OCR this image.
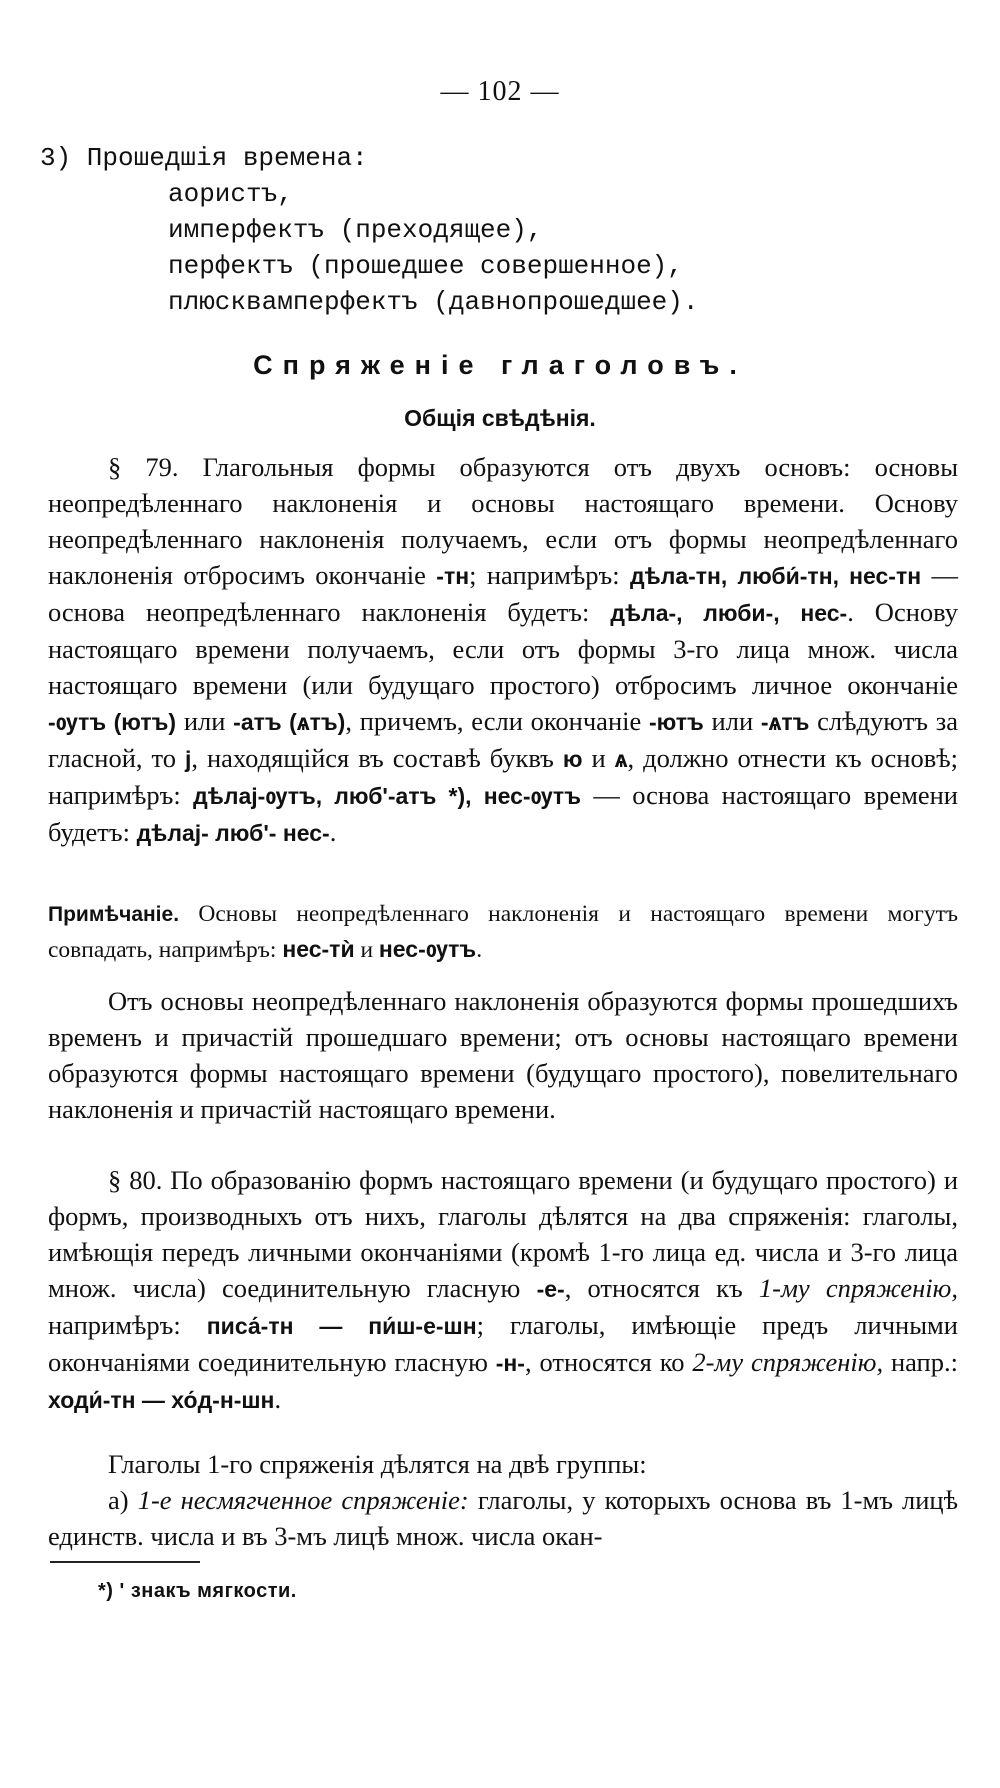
— 102 —
3) Прошедшія времена:
аористъ,
имперфектъ (преходящее),
перфектъ (прошедшее совершенное),
плюсквамперфектъ (давнопрошедшее).
Спряженіе глаголовъ.
Общія свѣдѣнія.
§ 79. Глагольныя формы образуются отъ двухъ основъ: основы неопредѣленнаго наклоненія и основы настоящаго времени. Основу неопредѣленнаго наклоненія получаемъ, если отъ формы неопредѣленнаго наклоненія отбросимъ окончаніе -тн; напримѣръ: дѣла-тн, люби́-тн, нес-тн — основа неопредѣленнаго наклоненія будетъ: дѣла-, люби-, нес-. Основу настоящаго времени получаемъ, если отъ формы 3-го лица множ. числа настоящаго времени (или будущаго простого) отбросимъ личное окончаніе -ѹтъ (ютъ) или -атъ (ѧтъ), причемъ, если окончаніе -ютъ или -ѧтъ слѣдуютъ за гласной, то ј, находящійся въ составѣ буквъ ю и ѧ, должно отнести къ основѣ; напримѣръ: дѣлај-ѹтъ, люб'-атъ *), нес-ѹтъ — основа настоящаго времени будетъ: дѣлај- люб'- нес-.
Примѣчаніе. Основы неопредѣленнаго наклоненія и настоящаго времени могутъ совпадать, напримѣръ: нес-тѝ и нес-ѹтъ.
Отъ основы неопредѣленнаго наклоненія образуются формы прошедшихъ временъ и причастій прошедшаго времени; отъ основы настоящаго времени образуются формы настоящаго времени (будущаго простого), повелительнаго наклоненія и причастій настоящаго времени.
§ 80. По образованію формъ настоящаго времени (и будущаго простого) и формъ, производныхъ отъ нихъ, глаголы дѣлятся на два спряженія: глаголы, имѣющія передъ личными окончаніями (кромѣ 1-го лица ед. числа и 3-го лица множ. числа) соединительную гласную -е-, относятся къ 1-му спряженію, напримѣръ: писа́-тн — пи́ш-е-шн; глаголы, имѣющіе предъ личными окончаніями соединительную гласную -н-, относятся ко 2-му спряженію, напр.: ходи́-тн — хо́д-н-шн.
Глаголы 1-го спряженія дѣлятся на двѣ группы:
а) 1-е несмягченное спряженіе: глаголы, у которыхъ основа въ 1-мъ лицѣ единств. числа и въ 3-мъ лицѣ множ. числа окан-
*) ' знакъ мягкости.
